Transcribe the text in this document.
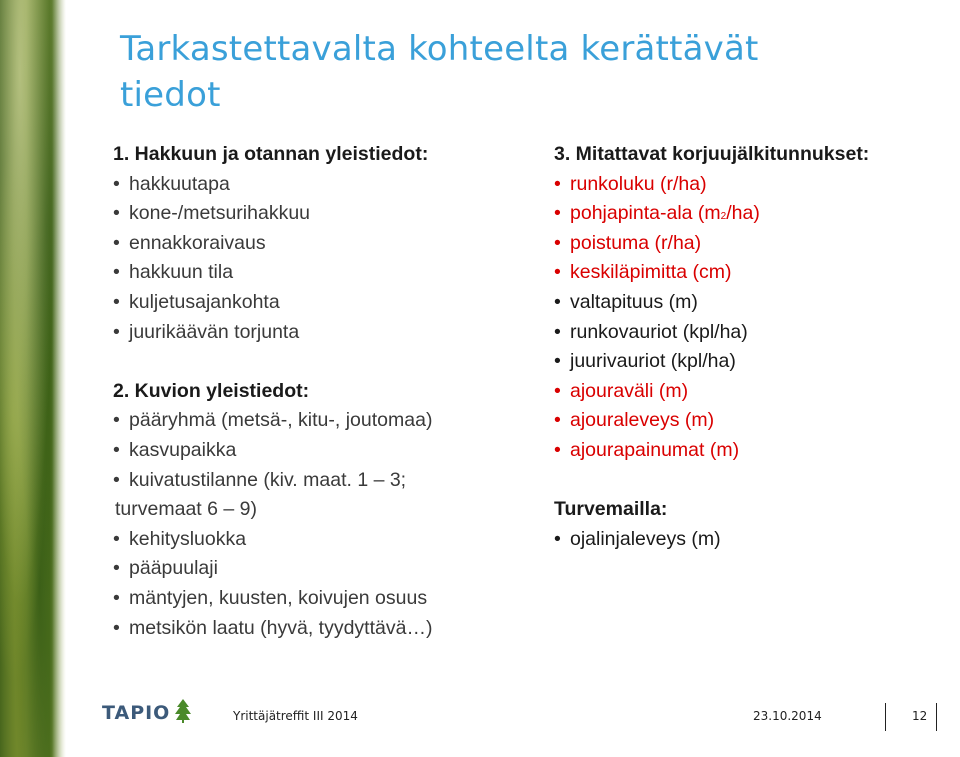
Tarkastettavalta kohteelta kerättävät tiedot
1. Hakkuun ja otannan yleistiedot:
• hakkuutapa
• kone-/metsurihakkuu
• ennakkoraivaus
• hakkuun tila
• kuljetusajankohta
• juurikäävän torjunta
2. Kuvion yleistiedot:
• pääryhmä (metsä-, kitu-, joutomaa)
• kasvupaikka
• kuivatustilanne (kiv. maat. 1 – 3;
turvemaat 6 – 9)
• kehitysluokka
• pääpuulaji
• mäntyjen, kuusten, koivujen osuus
• metsikön laatu (hyvä, tyydyttävä…)
3. Mitattavat korjuujälkitunnukset:
• runkoluku (r/ha)
• pohjapinta-ala (m2/ha)
• poistuma (r/ha)
• keskiläpimitta (cm)
• valtapituus (m)
• runkovauriot (kpl/ha)
• juurivauriot (kpl/ha)
• ajouraväli (m)
• ajouraleveys (m)
• ajourapainumat (m)
Turvemailla:
• ojalinjaleveys (m)
TAPIO	Yrittäjätreffit III 2014	23.10.2014	12
